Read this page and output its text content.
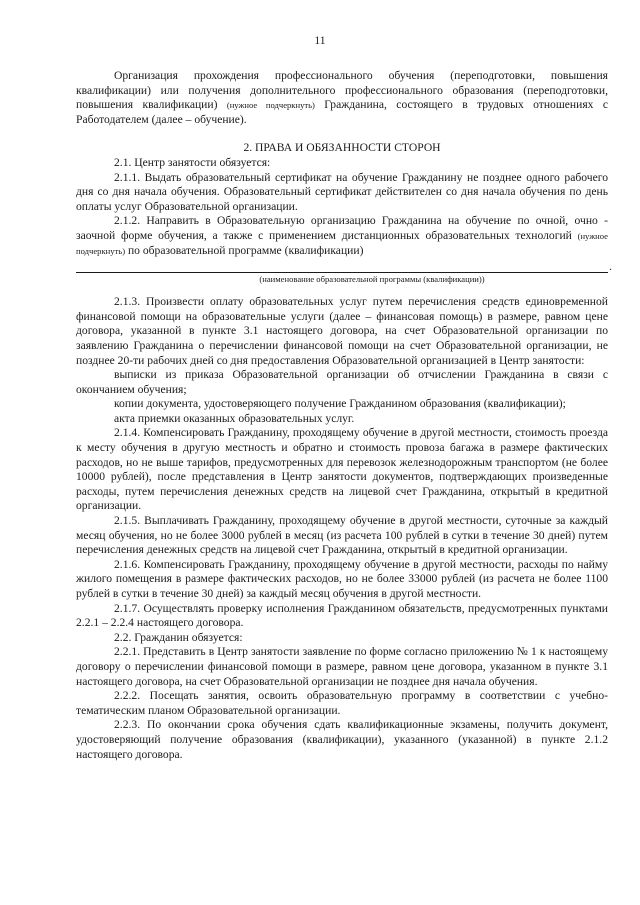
11

Организация прохождения профессионального обучения (переподготовки, повышения квалификации) или получения дополнительного профессионального образования (переподготовки, повышения квалификации) (нужное подчеркнуть) Гражданина, состоящего в трудовых отношениях с Работодателем (далее – обучение).

2. ПРАВА И ОБЯЗАННОСТИ СТОРОН

2.1. Центр занятости обязуется:

2.1.1. Выдать образовательный сертификат на обучение Гражданину не позднее одного рабочего дня со дня начала обучения. Образовательный сертификат действителен со дня начала обучения по день оплаты услуг Образовательной организации.

2.1.2. Направить в Образовательную организацию Гражданина на обучение по очной, очно - заочной форме обучения, а также с применением дистанционных образовательных технологий (нужное подчеркнуть) по образовательной программе (квалификации)

.

(наименование образовательной программы (квалификации))

2.1.3. Произвести оплату образовательных услуг путем перечисления средств единовременной финансовой помощи на образовательные услуги (далее – финансовая помощь) в размере, равном цене договора, указанной в пункте 3.1 настоящего договора, на счет Образовательной организации по заявлению Гражданина о перечислении финансовой помощи на счет Образовательной организации, не позднее 20-ти рабочих дней со дня предоставления Образовательной организацией в Центр занятости:

выписки из приказа Образовательной организации об отчислении Гражданина в связи с окончанием обучения;

копии документа, удостоверяющего получение Гражданином образования (квалификации);

акта приемки оказанных образовательных услуг.

2.1.4. Компенсировать Гражданину, проходящему обучение в другой местности, стоимость проезда к месту обучения в другую местность и обратно и стоимость провоза багажа в размере фактических расходов, но не выше тарифов, предусмотренных для перевозок железнодорожным транспортом (не более 10000 рублей), после представления в Центр занятости документов, подтверждающих произведенные расходы, путем перечисления денежных средств на лицевой счет Гражданина, открытый в кредитной организации.

2.1.5. Выплачивать Гражданину, проходящему обучение в другой местности, суточные за каждый месяц обучения, но не более 3000 рублей в месяц (из расчета 100 рублей в сутки в течение 30 дней) путем перечисления денежных средств на лицевой счет Гражданина, открытый в кредитной организации.

2.1.6. Компенсировать Гражданину, проходящему обучение в другой местности, расходы по найму жилого помещения в размере фактических расходов, но не более 33000 рублей (из расчета не более 1100 рублей в сутки в течение 30 дней) за каждый месяц обучения в другой местности.

2.1.7. Осуществлять проверку исполнения Гражданином обязательств, предусмотренных пунктами 2.2.1 – 2.2.4 настоящего договора.

2.2. Гражданин обязуется:

2.2.1. Представить в Центр занятости заявление по форме согласно приложению № 1 к настоящему договору о перечислении финансовой помощи в размере, равном цене договора, указанном в пункте 3.1 настоящего договора, на счет Образовательной организации не позднее дня начала обучения.

2.2.2. Посещать занятия, освоить образовательную программу в соответствии с учебно-тематическим планом Образовательной организации.

2.2.3. По окончании срока обучения сдать квалификационные экзамены, получить документ, удостоверяющий получение образования (квалификации), указанного (указанной) в пункте 2.1.2 настоящего договора.
